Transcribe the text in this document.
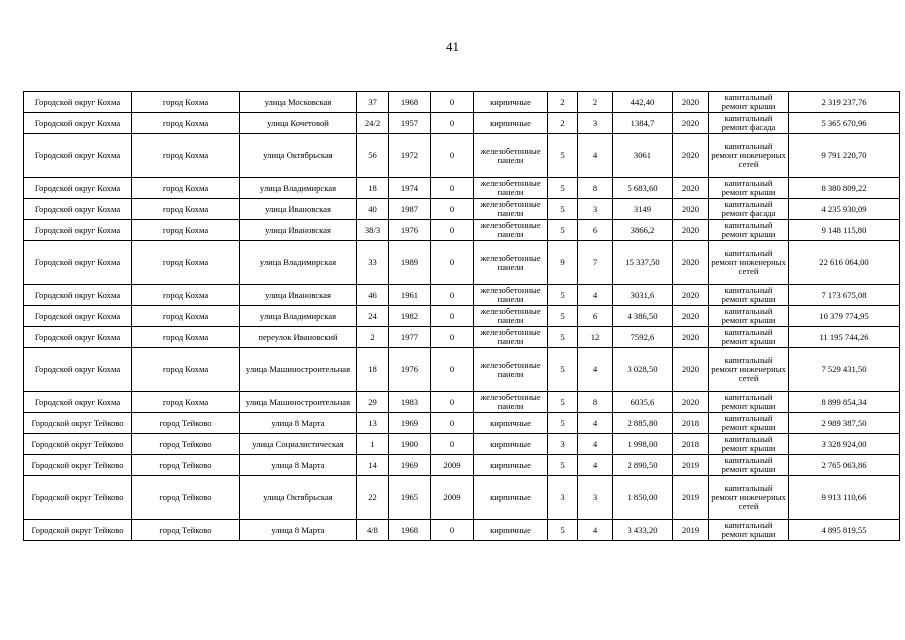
41
Городской округ Кохма	город Кохма	улица Московская	37	1968	0	кирпичные	2	2	442,40	2020	капитальный ремонт крыши	2 319 237,76
Городской округ Кохма	город Кохма	улица Кочетовой	24/2	1957	0	кирпичные	2	3	1384,7	2020	капитальный ремонт фасада	5 365 670,96
Городской округ Кохма	город Кохма	улица Октябрьская	56	1972	0	железобетонные панели	5	4	3061	2020	капитальный ремонт инженерных сетей	9 791 220,70
Городской округ Кохма	город Кохма	улица Владимирская	18	1974	0	железобетонные панели	5	8	5 683,60	2020	капитальный ремонт крыши	8 380 809,22
Городской округ Кохма	город Кохма	улица Ивановская	40	1987	0	железобетонные панели	5	3	3149	2020	капитальный ремонт фасада	4 235 930,09
Городской округ Кохма	город Кохма	улица Ивановская	38/3	1976	0	железобетонные панели	5	6	3866,2	2020	капитальный ремонт крыши	9 148 115,80
Городской округ Кохма	город Кохма	улица Владимирская	33	1989	0	железобетонные панели	9	7	15 337,50	2020	капитальный ремонт инженерных сетей	22 616 064,00
Городской округ Кохма	город Кохма	улица Ивановская	46	1961	0	железобетонные панели	5	4	3031,6	2020	капитальный ремонт крыши	7 173 675,08
Городской округ Кохма	город Кохма	улица Владимирская	24	1982	0	железобетонные панели	5	6	4 386,50	2020	капитальный ремонт крыши	10 379 774,95
Городской округ Кохма	город Кохма	переулок Ивановский	2	1977	0	железобетонные панели	5	12	7592,6	2020	капитальный ремонт крыши	11 195 744,26
Городской округ Кохма	город Кохма	улица Машиностроительная	18	1976	0	железобетонные панели	5	4	3 028,50	2020	капитальный ремонт инженерных сетей	7 529 431,50
Городской округ Кохма	город Кохма	улица Машиностроительная	29	1983	0	железобетонные панели	5	8	6035,6	2020	капитальный ремонт крыши	8 899 854,34
Городской округ Тейково	город Тейково	улица 8 Марта	13	1969	0	кирпичные	5	4	2 885,80	2018	капитальный ремонт крыши	2 989 387,50
Городской округ Тейково	город Тейково	улица Социалистическая	1	1900	0	кирпичные	3	4	1 998,00	2018	капитальный ремонт крыши	3 328 924,00
Городской округ Тейково	город Тейково	улица 8 Марта	14	1969	2009	кирпичные	5	4	2 890,50	2019	капитальный ремонт крыши	2 765 063,86
Городской округ Тейково	город Тейково	улица Октябрьская	22	1965	2009	кирпичные	3	3	1 850,00	2019	капитальный ремонт инженерных сетей	9 913 110,66
Городской округ Тейково	город Тейково	улица 8 Марта	4/8	1968	0	кирпичные	5	4	3 433,20	2019	капитальный ремонт крыши	4 895 819,55
